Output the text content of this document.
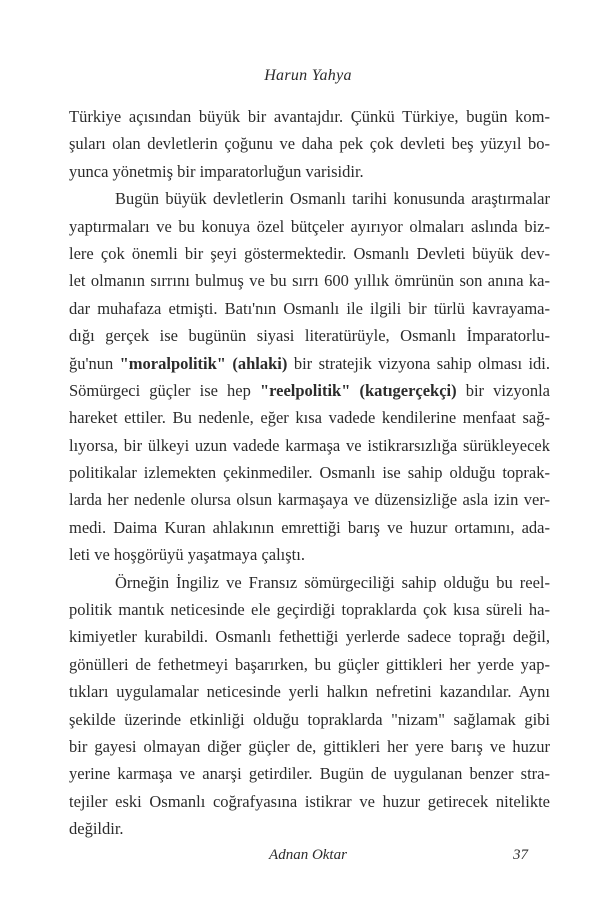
Harun Yahya
Türkiye açısından büyük bir avantajdır. Çünkü Türkiye, bugün kom-
şuları olan devletlerin çoğunu ve daha pek çok devleti beş yüzyıl bo-
yunca yönetmiş bir imparatorluğun varisidir.
Bugün büyük devletlerin Osmanlı tarihi konusunda araştırmalar
yaptırmaları ve bu konuya özel bütçeler ayırıyor olmaları aslında biz-
lere çok önemli bir şeyi göstermektedir. Osmanlı Devleti büyük dev-
let olmanın sırrını bulmuş ve bu sırrı 600 yıllık ömrünün son anına ka-
dar muhafaza etmişti. Batı'nın Osmanlı ile ilgili bir türlü kavrayama-
dığı gerçek ise bugünün siyasi literatürüyle, Osmanlı İmparatorlu-
ğu'nun "moralpolitik" (ahlaki) bir stratejik vizyona sahip olması idi.
Sömürgeci güçler ise hep "reelpolitik" (katıgerçekçi) bir vizyonla
hareket ettiler. Bu nedenle, eğer kısa vadede kendilerine menfaat sağ-
lıyorsa, bir ülkeyi uzun vadede karmaşa ve istikrarsızlığa sürükleyecek
politikalar izlemekten çekinmediler. Osmanlı ise sahip olduğu toprak-
larda her nedenle olursa olsun karmaşaya ve düzensizliğe asla izin ver-
medi. Daima Kuran ahlakının emrettiği barış ve huzur ortamını, ada-
leti ve hoşgörüyü yaşatmaya çalıştı.
Örneğin İngiliz ve Fransız sömürgeciliği sahip olduğu bu reel-
politik mantık neticesinde ele geçirdiği topraklarda çok kısa süreli ha-
kimiyetler kurabildi. Osmanlı fethettiği yerlerde sadece toprağı değil,
gönülleri de fethetmeyi başarırken, bu güçler gittikleri her yerde yap-
tıkları uygulamalar neticesinde yerli halkın nefretini kazandılar. Aynı
şekilde üzerinde etkinliği olduğu topraklarda "nizam" sağlamak gibi
bir gayesi olmayan diğer güçler de, gittikleri her yere barış ve huzur
yerine karmaşa ve anarşi getirdiler. Bugün de uygulanan benzer stra-
tejiler eski Osmanlı coğrafyasına istikrar ve huzur getirecek nitelikte
değildir.
Adnan Oktar	37
